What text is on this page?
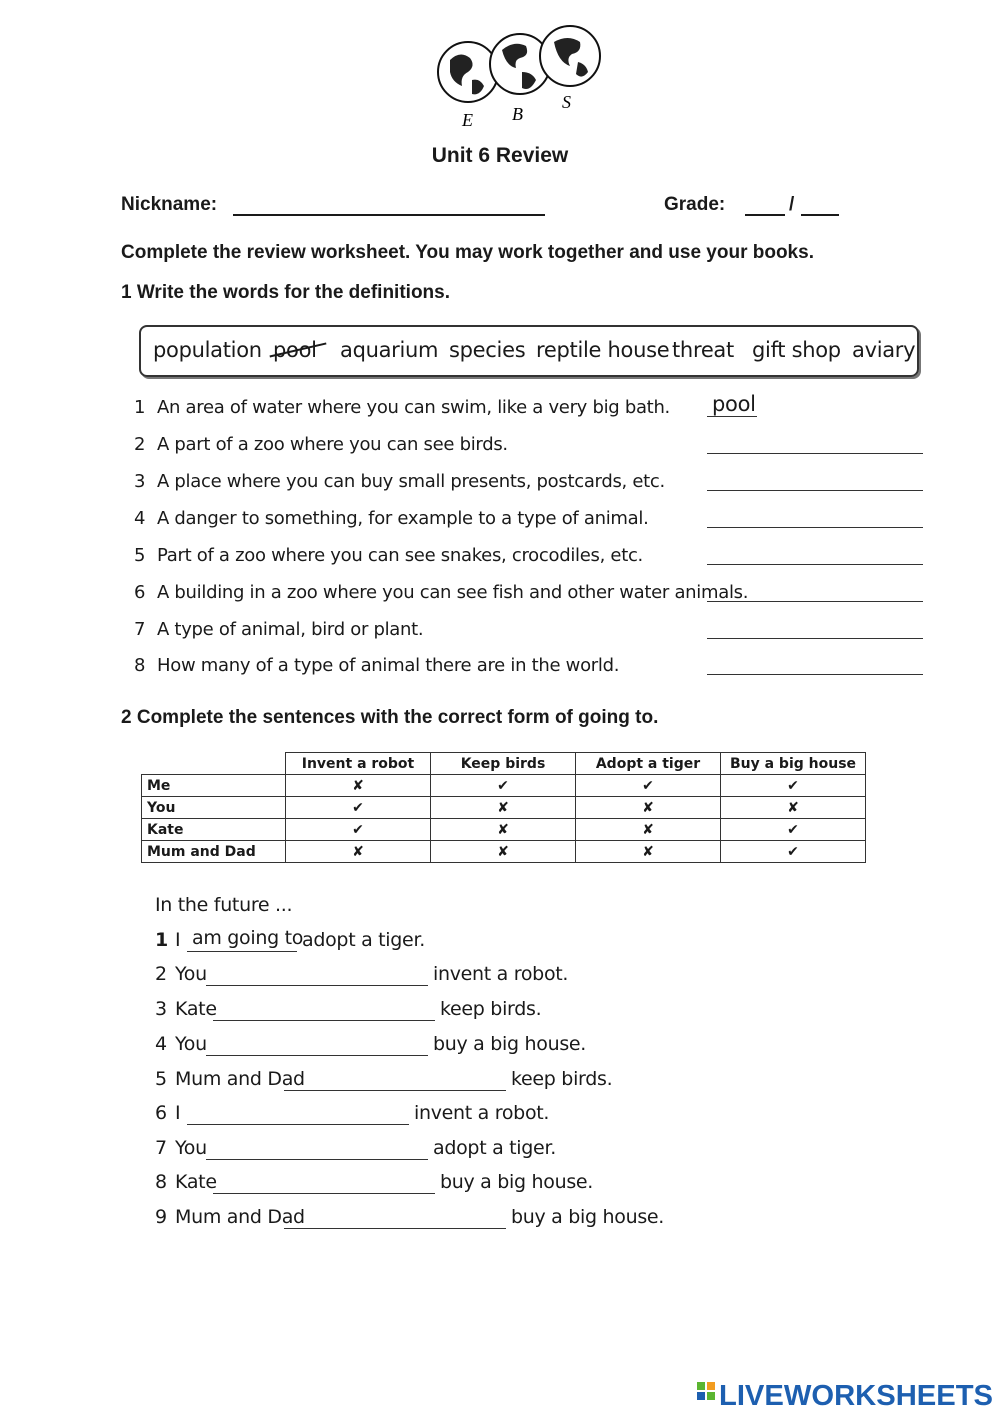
E B
S
Unit 6 Review
Nickname:	Grade:	/
Complete the review worksheet. You may work together and use your books.
1 Write the words for the definitions.
population pool aquarium species reptile house threat gift shop aviary
1 An area of water where you can swim, like a very big bath. pool
2 A part of a zoo where you can see birds.
3 A place where you can buy small presents, postcards, etc.
4 A danger to something, for example to a type of animal.
5 Part of a zoo where you can see snakes, crocodiles, etc.
6 A building in a zoo where you can see fish and other water animals.
7 A type of animal, bird or plant.
8 How many of a type of animal there are in the world.
2 Complete the sentences with the correct form of going to.
	Invent a robot	Keep birds	Adopt a tiger	Buy a big house
Me	✘	✔	✔	✔
You	✔	✘	✘	✘
Kate	✔	✘	✘	✔
Mum and Dad	✘	✘	✘	✔
In the future ...
1 I am going to
adopt a tiger.
2 You	invent a robot.
3 Kate	keep birds.
4 You	buy a big house.
5 Mum and Dad	keep birds.
6 I	invent a robot.
7 You	adopt a tiger.
8 Kate	buy a big house.
9 Mum and Dad	buy a big house.
LIVEWORKSHEETS
